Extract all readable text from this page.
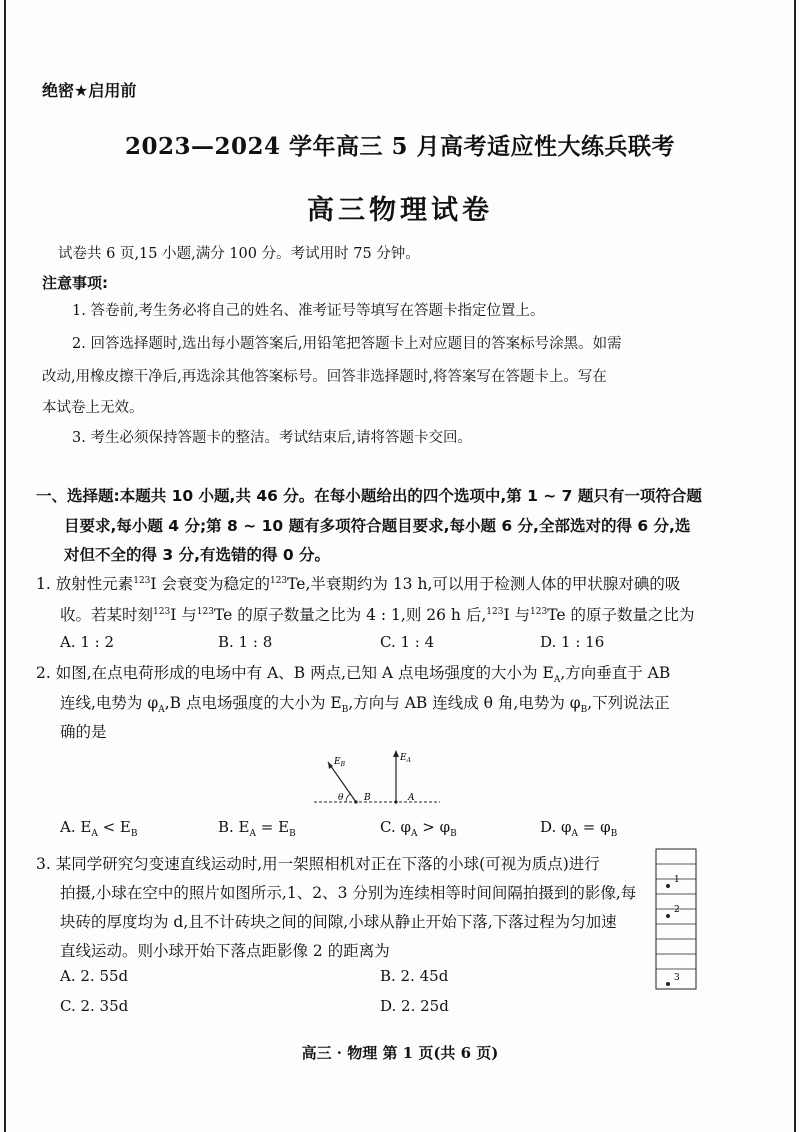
绝密★启用前
2023—2024 学年高三 5 月高考适应性大练兵联考
高三物理试卷
试卷共 6 页,15 小题,满分 100 分。考试用时 75 分钟。
注意事项:
1. 答卷前,考生务必将自己的姓名、准考证号等填写在答题卡指定位置上。
2. 回答选择题时,选出每小题答案后,用铅笔把答题卡上对应题目的答案标号涂黑。如需
改动,用橡皮擦干净后,再选涂其他答案标号。回答非选择题时,将答案写在答题卡上。写在
本试卷上无效。
3. 考生必须保持答题卡的整洁。考试结束后,请将答题卡交回。
一、选择题:本题共 10 小题,共 46 分。在每小题给出的四个选项中,第 1 ~ 7 题只有一项符合题
目要求,每小题 4 分;第 8 ~ 10 题有多项符合题目要求,每小题 6 分,全部选对的得 6 分,选
对但不全的得 3 分,有选错的得 0 分。
1. 放射性元素$^{123}$I 会衰变为稳定的$^{123}$Te,半衰期约为 13 h,可以用于检测人体的甲状腺对碘的吸
收。若某时刻$^{123}$I 与$^{123}$Te 的原子数量之比为 4 : 1,则 26 h 后,$^{123}$I 与$^{123}$Te 的原子数量之比为
A. 1 : 2	B. 1 : 8	C. 1 : 4	D. 1 : 16
2. 如图,在点电荷形成的电场中有 A、B 两点,已知 A 点电场强度的大小为 $E_A$,方向垂直于 AB
连线,电势为 $\varphi_A,B$ 点电场强度的大小为 $E_B$,方向与 AB 连线成 θ 角,电势为 $\varphi_B$,下列说法正
确的是
$E_B$
$E_A$
θ B	A
A. $E_A < E_B$	B. $E_A = E_B$	C. $\varphi_A > \varphi_B$	D. $\varphi_A = \varphi_B$
3. 某同学研究匀变速直线运动时,用一架照相机对正在下落的小球(可视为质点)进行
拍摄,小球在空中的照片如图所示,1、2、3 分别为连续相等时间间隔拍摄到的影像,每
块砖的厚度均为 d,且不计砖块之间的间隙,小球从静止开始下落,下落过程为匀加速
直线运动。则小球开始下落点距影像 2 的距离为
A. 2. 55d	B. 2. 45d
C. 2. 35d	D. 2. 25d
1
2
3
高三 · 物理 第 1 页(共 6 页)
